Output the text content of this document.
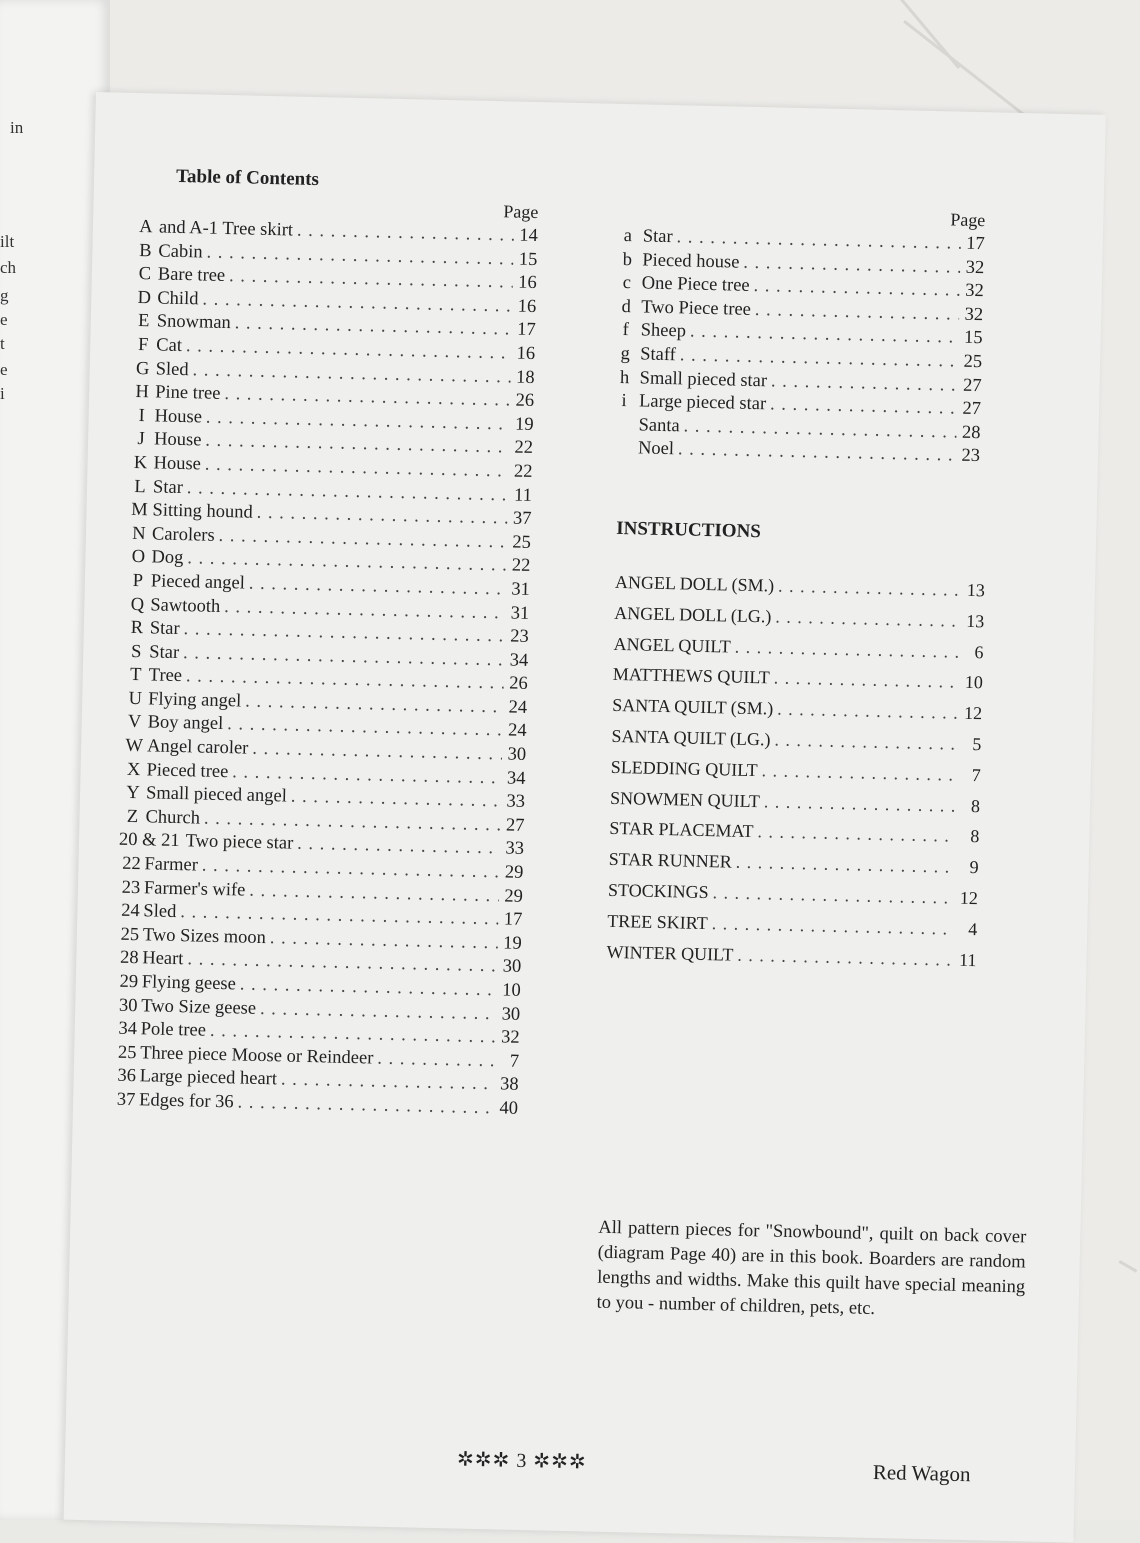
in
ilt
ch
g
e
t
e
i
Table of Contents
Page
A and A-1 Tree skirt . . .	14
B Cabin . . .	15
C Bare tree . . .	16
D Child . . .	16
E Snowman . . .	17
F Cat . . .	16
G Sled . . .	18
H Pine tree . . .	26
I House . . .	19
J House . . .	22
K House . . .	22
L Star . . .	11
M Sitting hound . . .	37
N Carolers . . .	25
O Dog . . .	22
P Pieced angel . . .	31
Q Sawtooth . . .	31
R Star . . .	23
S Star . . .	34
T Tree . . .	26
U Flying angel . . .	24
V Boy angel . . .	24
W Angel caroler . . .	30
X Pieced tree . . .	34
Y Small pieced angel . . .	33
Z Church . . .	27
20 & 21 Two piece star . . .	33
22 Farmer . . .	29
23 Farmer's wife . . .	29
24 Sled . . .	17
25 Two Sizes moon . . .	19
28 Heart . . .	30
29 Flying geese . . .	10
30 Two Size geese . . .	30
34 Pole tree . . .	32
25 Three piece Moose or Reindeer . . .	7
36 Large pieced heart . . .	38
37 Edges for 36 . . .	40
Page
a Star . . .	17
b Pieced house . . .	32
c One Piece tree . . .	32
d Two Piece tree . . .	32
f Sheep . . .	15
g Staff . . .	25
h Small pieced star . . .	27
i Large pieced star . . .	27
Santa . . .	28
Noel . . .	23
INSTRUCTIONS
ANGEL DOLL (SM.) . . .	13
ANGEL DOLL (LG.) . . .	13
ANGEL QUILT . . .	6
MATTHEWS QUILT . . .	10
SANTA QUILT (SM.) . . .	12
SANTA QUILT (LG.) . . .	5
SLEDDING QUILT . . .	7
SNOWMEN QUILT . . .	8
STAR PLACEMAT . . .	8
STAR RUNNER . . .	9
STOCKINGS . . .	12
TREE SKIRT . . .	4
WINTER QUILT . . .	11
All pattern pieces for "Snowbound", quilt on back cover (diagram Page 40) are in this book. Boarders are random lengths and widths. Make this quilt have special meaning to you - number of children, pets, etc.
✲✲✲ 3 ✲✲✲	Red Wagon
